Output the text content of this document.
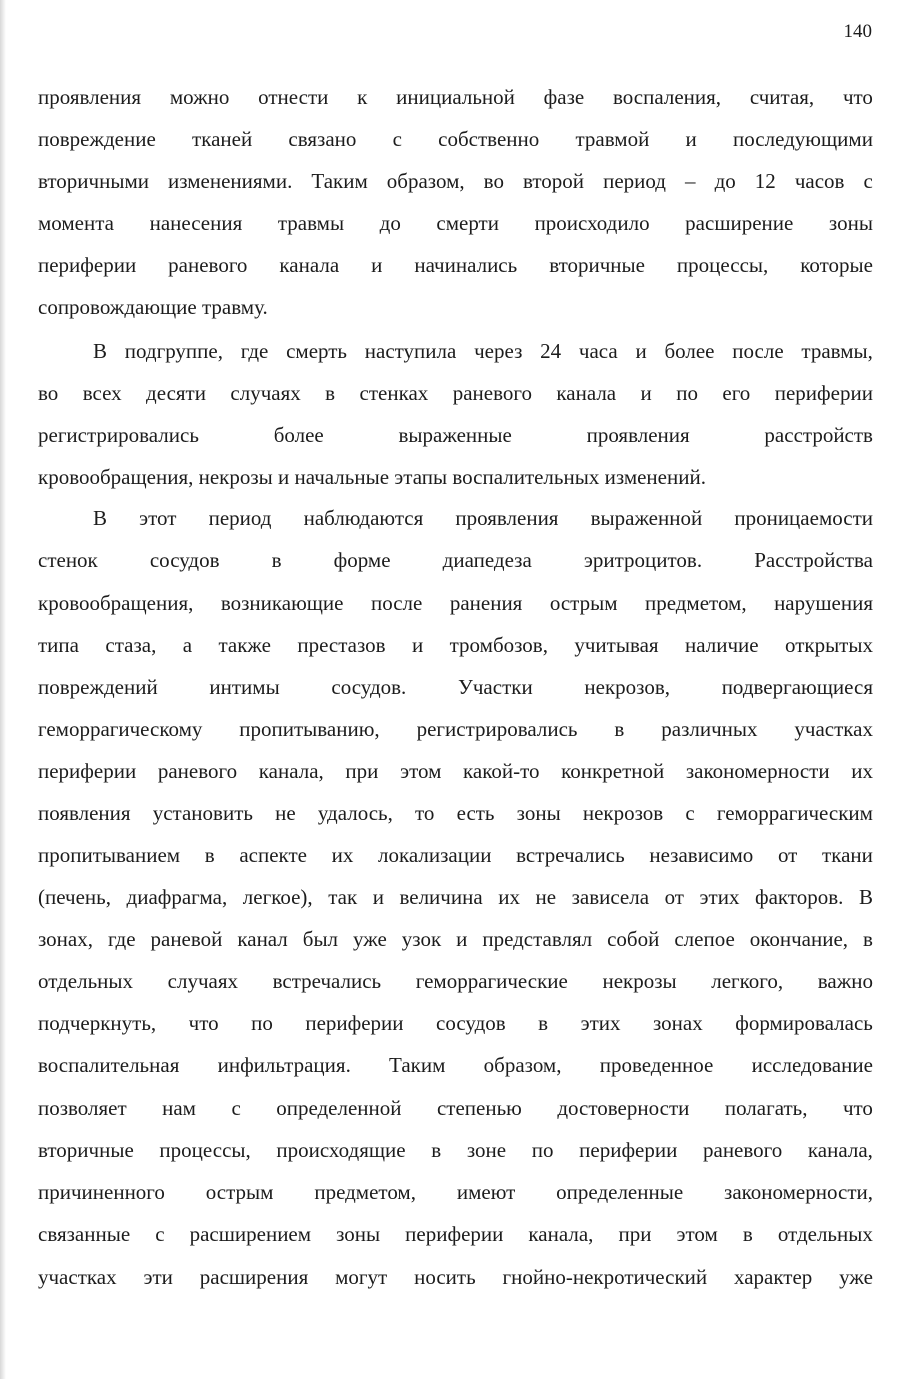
140
проявления можно отнести к инициальной фазе воспаления, считая, что
повреждение тканей связано с собственно травмой и последующими
вторичными изменениями. Таким образом, во второй период – до 12 часов с
момента нанесения травмы до смерти происходило расширение зоны
периферии раневого канала и начинались вторичные процессы, которые
сопровождающие травму.
В подгруппе, где смерть наступила через 24 часа и более после травмы,
во всех десяти случаях в стенках раневого канала и по его периферии
регистрировались	более	выраженные	проявления	расстройств
кровообращения, некрозы и начальные этапы воспалительных изменений.
В этот период наблюдаются проявления выраженной проницаемости
стенок сосудов в форме диапедеза эритроцитов. Расстройства
кровообращения, возникающие после ранения острым предметом, нарушения
типа стаза, а также престазов и тромбозов, учитывая наличие открытых
повреждений интимы сосудов. Участки некрозов, подвергающиеся
геморрагическому пропитыванию, регистрировались в различных участках
периферии раневого канала, при этом какой-то конкретной закономерности их
появления установить не удалось, то есть зоны некрозов с геморрагическим
пропитыванием в аспекте их локализации встречались независимо от ткани
(печень, диафрагма, легкое), так и величина их не зависела от этих факторов. В
зонах, где раневой канал был уже узок и представлял собой слепое окончание, в
отдельных случаях встречались геморрагические некрозы легкого, важно
подчеркнуть, что по периферии сосудов в этих зонах формировалась
воспалительная инфильтрация. Таким образом, проведенное исследование
позволяет нам с определенной степенью достоверности полагать, что
вторичные процессы, происходящие в зоне по периферии раневого канала,
причиненного острым предметом, имеют определенные закономерности,
связанные с расширением зоны периферии канала, при этом в отдельных
участках эти расширения могут носить гнойно-некротический характер уже
